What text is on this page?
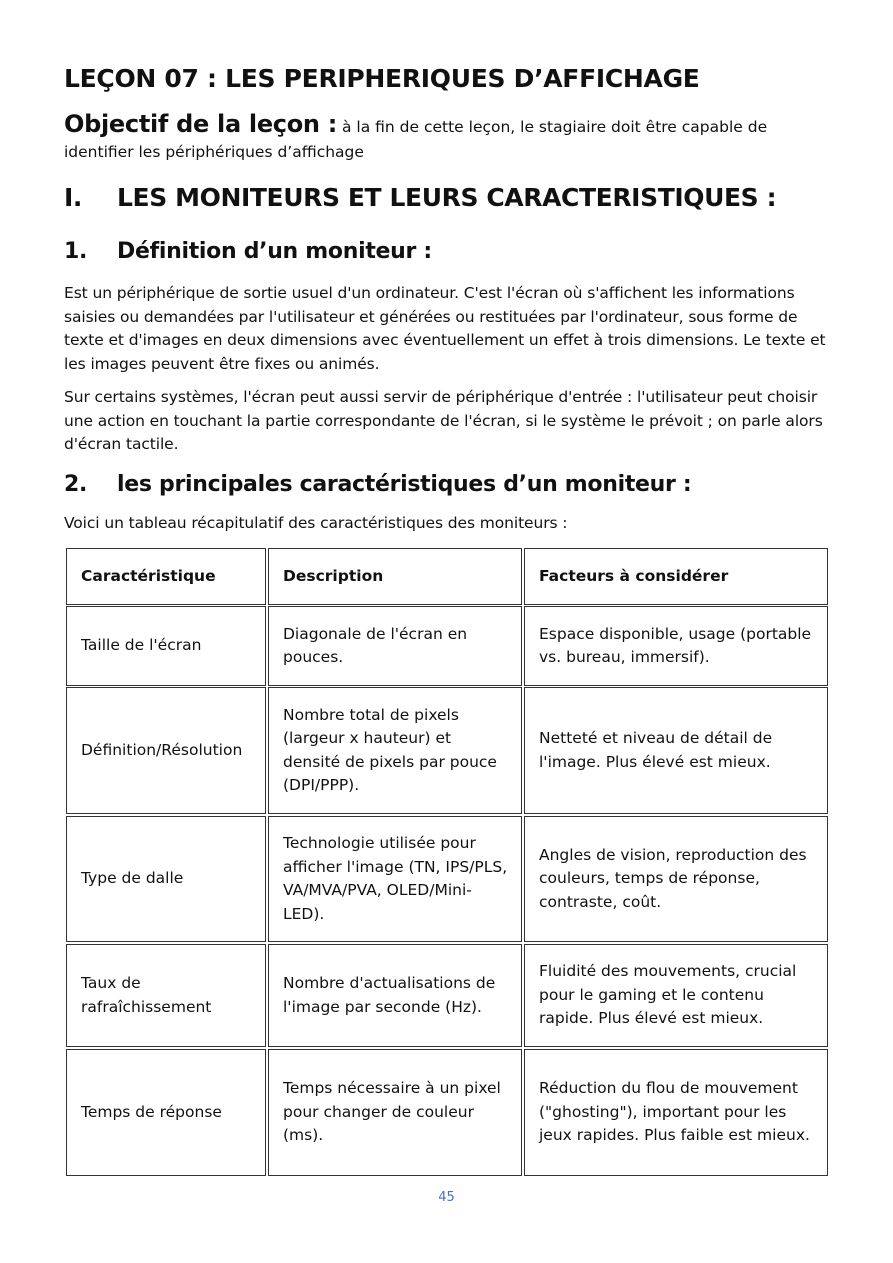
LEÇON 07 : LES PERIPHERIQUES D’AFFICHAGE
Objectif de la leçon : à la fin de cette leçon, le stagiaire doit être capable de identifier les périphériques d’affichage
I. LES MONITEURS ET LEURS CARACTERISTIQUES :
1. Définition d’un moniteur :
Est un périphérique de sortie usuel d'un ordinateur. C'est l'écran où s'affichent les informations saisies ou demandées par l'utilisateur et générées ou restituées par l'ordinateur, sous forme de texte et d'images en deux dimensions avec éventuellement un effet à trois dimensions. Le texte et les images peuvent être fixes ou animés.
Sur certains systèmes, l'écran peut aussi servir de périphérique d'entrée : l'utilisateur peut choisir une action en touchant la partie correspondante de l'écran, si le système le prévoit ; on parle alors d'écran tactile.
2. les principales caractéristiques d’un moniteur :
Voici un tableau récapitulatif des caractéristiques des moniteurs :
Caractéristique	Description	Facteurs à considérer
Taille de l'écran
Diagonale de l'écran en pouces.
Espace disponible, usage (portable vs. bureau, immersif).
Définition/Résolution
Nombre total de pixels (largeur x hauteur) et densité de pixels par pouce (DPI/PPP).
Netteté et niveau de détail de l'image. Plus élevé est mieux.
Type de dalle
Technologie utilisée pour afficher l'image (TN, IPS/PLS, VA/MVA/PVA, OLED/Mini-LED).
Angles de vision, reproduction des couleurs, temps de réponse, contraste, coût.
Taux de rafraîchissement
Nombre d'actualisations de l'image par seconde (Hz).
Fluidité des mouvements, crucial pour le gaming et le contenu rapide. Plus élevé est mieux.
Temps de réponse
Temps nécessaire à un pixel pour changer de couleur (ms).
Réduction du flou de mouvement ("ghosting"), important pour les jeux rapides. Plus faible est mieux.
45
